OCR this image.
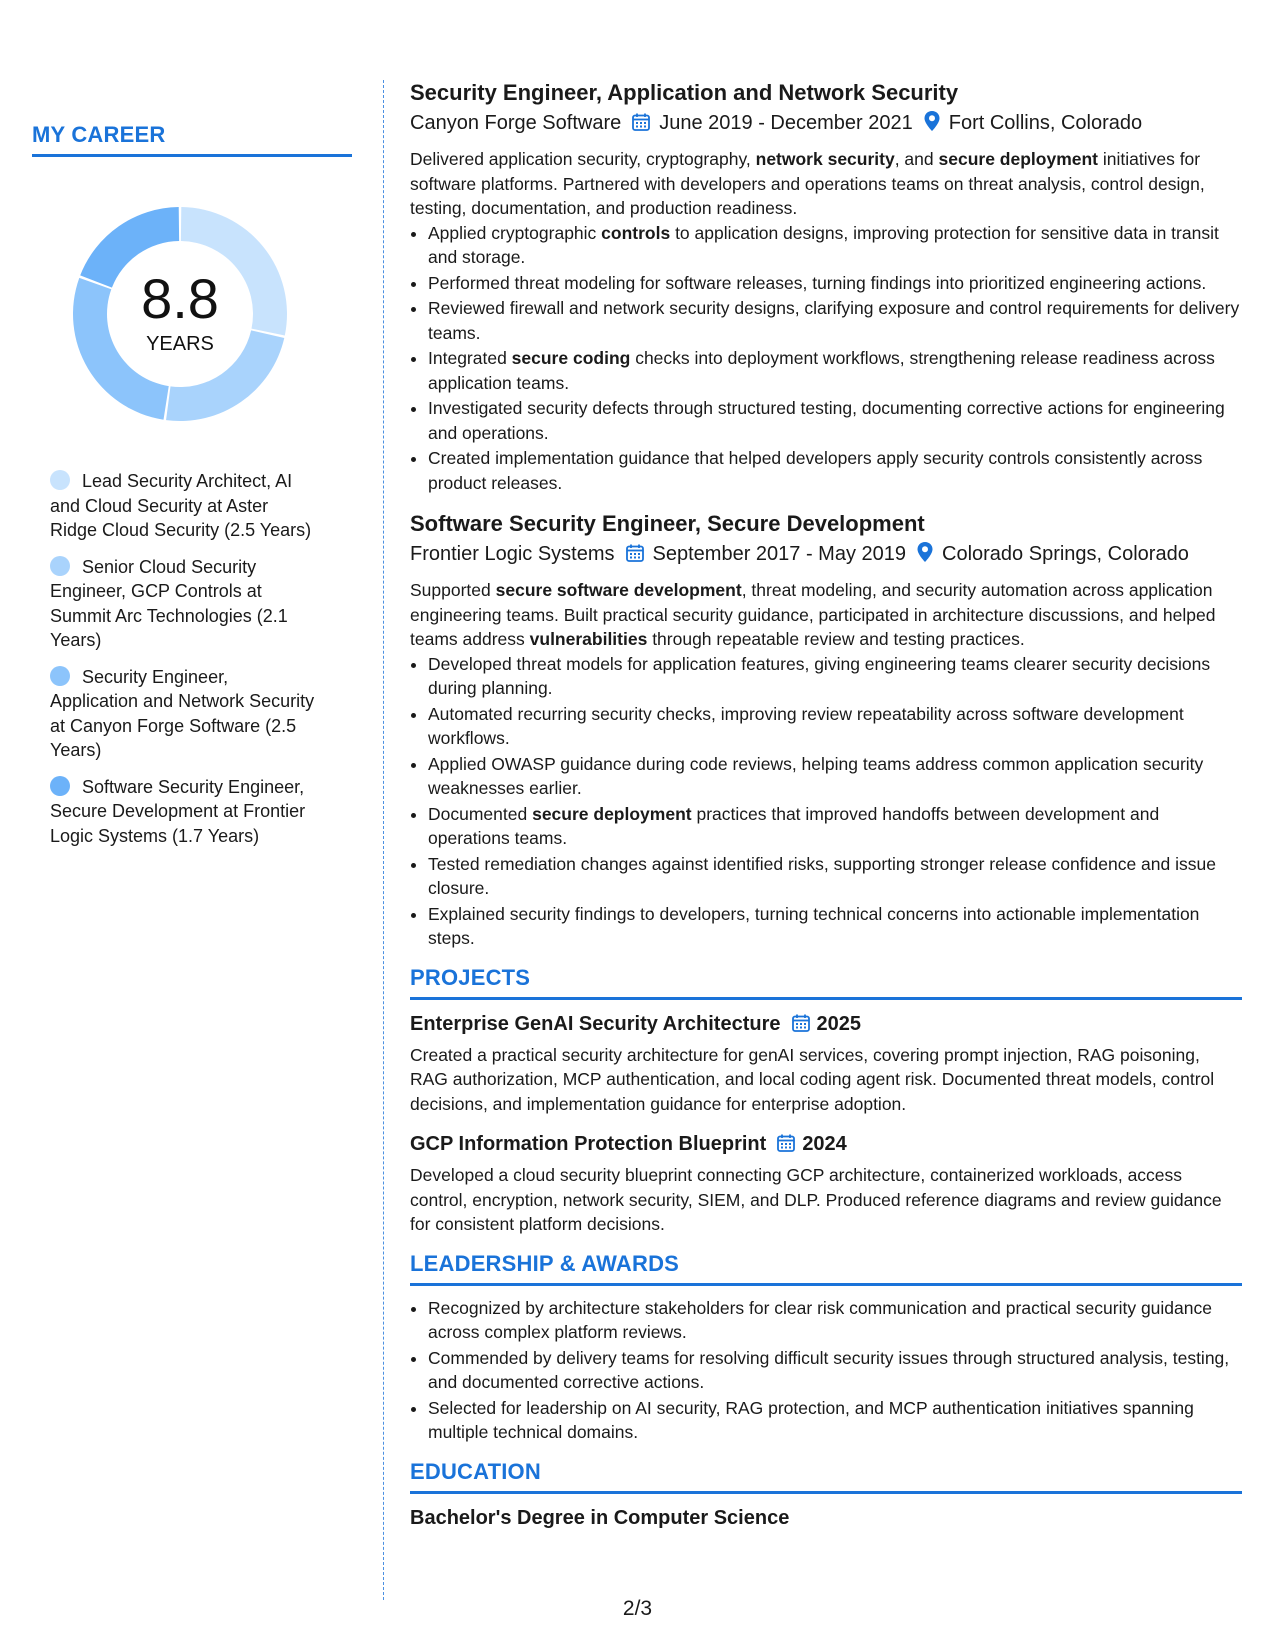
MY CAREER
8.8
YEARS
Lead Security Architect, AI and Cloud Security at Aster Ridge Cloud Security (2.5 Years)
Senior Cloud Security Engineer, GCP Controls at Summit Arc Technologies (2.1 Years)
Security Engineer, Application and Network Security at Canyon Forge Software (2.5 Years)
Software Security Engineer, Secure Development at Frontier Logic Systems (1.7 Years)
Security Engineer, Application and Network Security

Canyon Forge Software June 2019 - December 2021 Fort Collins, Colorado

Delivered application security, cryptography, network security, and secure deployment initiatives for software platforms. Partnered with developers and operations teams on threat analysis, control design, testing, documentation, and production readiness.

• Applied cryptographic controls to application designs, improving protection for sensitive data in transit and storage.
• Performed threat modeling for software releases, turning findings into prioritized engineering actions.
• Reviewed firewall and network security designs, clarifying exposure and control requirements for delivery teams.
• Integrated secure coding checks into deployment workflows, strengthening release readiness across application teams.
• Investigated security defects through structured testing, documenting corrective actions for engineering and operations.
• Created implementation guidance that helped developers apply security controls consistently across product releases.
Software Security Engineer, Secure Development

Frontier Logic Systems September 2017 - May 2019 Colorado Springs, Colorado

Supported secure software development, threat modeling, and security automation across application engineering teams. Built practical security guidance, participated in architecture discussions, and helped teams address vulnerabilities through repeatable review and testing practices.

• Developed threat models for application features, giving engineering teams clearer security decisions during planning.
• Automated recurring security checks, improving review repeatability across software development workflows.
• Applied OWASP guidance during code reviews, helping teams address common application security weaknesses earlier.
• Documented secure deployment practices that improved handoffs between development and operations teams.
• Tested remediation changes against identified risks, supporting stronger release confidence and issue closure.
• Explained security findings to developers, turning technical concerns into actionable implementation steps.
PROJECTS

Enterprise GenAI Security Architecture 2025

Created a practical security architecture for genAI services, covering prompt injection, RAG poisoning, RAG authorization, MCP authentication, and local coding agent risk. Documented threat models, control decisions, and implementation guidance for enterprise adoption.

GCP Information Protection Blueprint 2024

Developed a cloud security blueprint connecting GCP architecture, containerized workloads, access control, encryption, network security, SIEM, and DLP. Produced reference diagrams and review guidance for consistent platform decisions.

LEADERSHIP & AWARDS
• Recognized by architecture stakeholders for clear risk communication and practical security guidance across complex platform reviews.
• Commended by delivery teams for resolving difficult security issues through structured analysis, testing, and documented corrective actions.
• Selected for leadership on AI security, RAG protection, and MCP authentication initiatives spanning multiple technical domains.
EDUCATION

Bachelor's Degree in Computer Science

2/3
